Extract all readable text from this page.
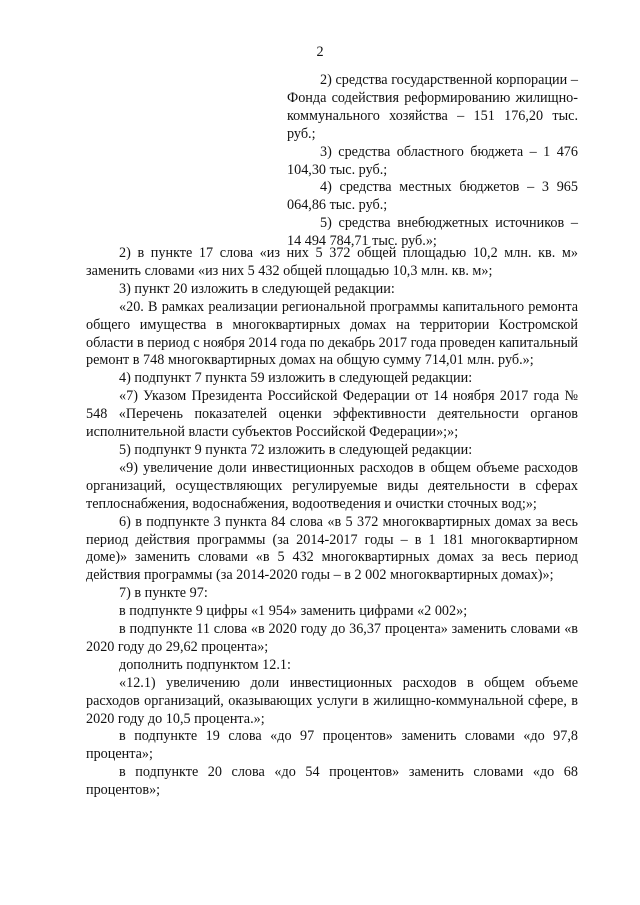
2

2) средства государственной корпорации – Фонда содействия реформированию жилищно-коммунального хозяйства – 151 176,20 тыс. руб.;

3) средства областного бюджета – 1 476 104,30 тыс. руб.;

4) средства местных бюджетов – 3 965 064,86 тыс. руб.;

5) средства внебюджетных источников – 14 494 784,71 тыс. руб.»;

2) в пункте 17 слова «из них 5 372 общей площадью 10,2 млн. кв. м» заменить словами «из них 5 432 общей площадью 10,3 млн. кв. м»;

3) пункт 20 изложить в следующей редакции:

«20. В рамках реализации региональной программы капитального ремонта общего имущества в многоквартирных домах на территории Костромской области в период с ноября 2014 года по декабрь 2017 года проведен капитальный ремонт в 748 многоквартирных домах на общую сумму 714,01 млн. руб.»;

4) подпункт 7 пункта 59 изложить в следующей редакции:

«7) Указом Президента Российской Федерации от 14 ноября 2017 года № 548 «Перечень показателей оценки эффективности деятельности органов исполнительной власти субъектов Российской Федерации»;»;

5) подпункт 9 пункта 72 изложить в следующей редакции:

«9) увеличение доли инвестиционных расходов в общем объеме расходов организаций, осуществляющих регулируемые виды деятельности в сферах теплоснабжения, водоснабжения, водоотведения и очистки сточных вод;»;

6) в подпункте 3 пункта 84 слова «в 5 372 многоквартирных домах за весь период действия программы (за 2014-2017 годы – в 1 181 многоквартирном доме)» заменить словами «в 5 432 многоквартирных домах за весь период действия программы (за 2014-2020 годы – в 2 002 многоквартирных домах)»;

7) в пункте 97:

в подпункте 9 цифры «1 954» заменить цифрами «2 002»;

в подпункте 11 слова «в 2020 году до 36,37 процента» заменить словами «в 2020 году до 29,62 процента»;

дополнить подпунктом 12.1:

«12.1) увеличению доли инвестиционных расходов в общем объеме расходов организаций, оказывающих услуги в жилищно-коммунальной сфере, в 2020 году до 10,5 процента.»;

в подпункте 19 слова «до 97 процентов» заменить словами «до 97,8 процента»;

в подпункте 20 слова «до 54 процентов» заменить словами «до 68 процентов»;
